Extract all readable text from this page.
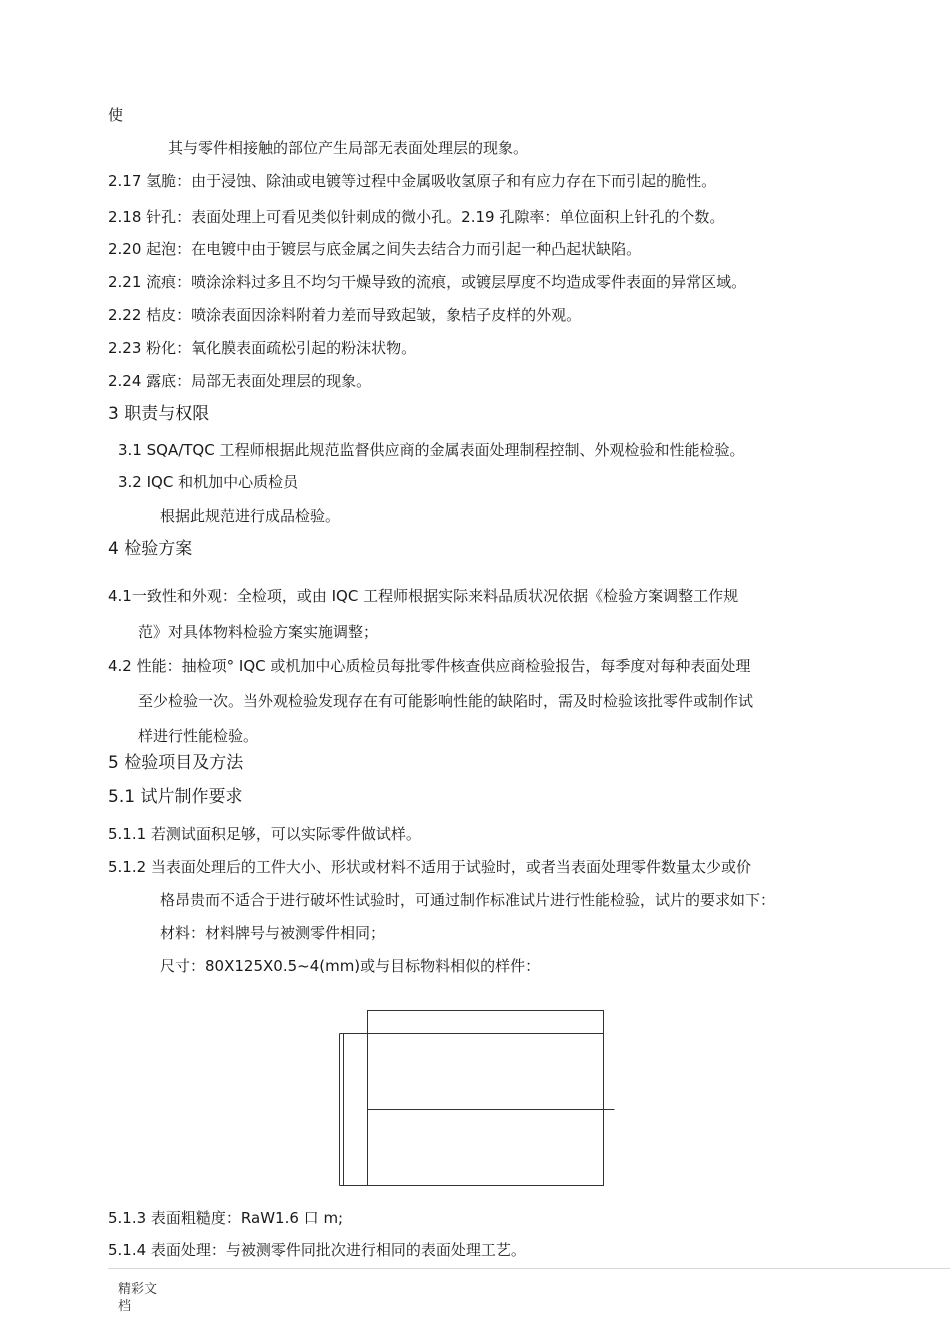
使
其与零件相接触的部位产生局部无表面处理层的现象。
2.17 氢脆：由于浸蚀、除油或电镀等过程中金属吸收氢原子和有应力存在下而引起的脆性。
2.18 针孔：表面处理上可看见类似针刺成的微小孔。2.19 孔隙率：单位面积上针孔的个数。
2.20 起泡：在电镀中由于镀层与底金属之间失去结合力而引起一种凸起状缺陷。
2.21 流痕：喷涂涂料过多且不均匀干燥导致的流痕，或镀层厚度不均造成零件表面的异常区域。
2.22 桔皮：喷涂表面因涂料附着力差而导致起皱，象桔子皮样的外观。
2.23 粉化：氧化膜表面疏松引起的粉沫状物。
2.24 露底：局部无表面处理层的现象。
3 职责与权限
3.1 SQA/TQC 工程师根据此规范监督供应商的金属表面处理制程控制、外观检验和性能检验。
3.2 IQC 和机加中心质检员
根据此规范进行成品检验。
4 检验方案
4.1一致性和外观：全检项，或由 IQC 工程师根据实际来料品质状况依据《检验方案调整工作规
范》对具体物料检验方案实施调整；
4.2 性能：抽检项° IQC 或机加中心质检员每批零件核查供应商检验报告，每季度对每种表面处理
至少检验一次。当外观检验发现存在有可能影响性能的缺陷时，需及时检验该批零件或制作试
样进行性能检验。
5 检验项目及方法
5.1 试片制作要求
5.1.1 若测试面积足够，可以实际零件做试样。
5.1.2 当表面处理后的工件大小、形状或材料不适用于试验时，或者当表面处理零件数量太少或价
格昂贵而不适合于进行破坏性试验时，可通过制作标准试片进行性能检验，试片的要求如下：
材料：材料牌号与被测零件相同；
尺寸：80X125X0.5~4(mm)或与目标物料相似的样件：
5.1.3 表面粗糙度：RaW1.6 口 m;
5.1.4 表面处理：与被测零件同批次进行相同的表面处理工艺。
精彩文
档
